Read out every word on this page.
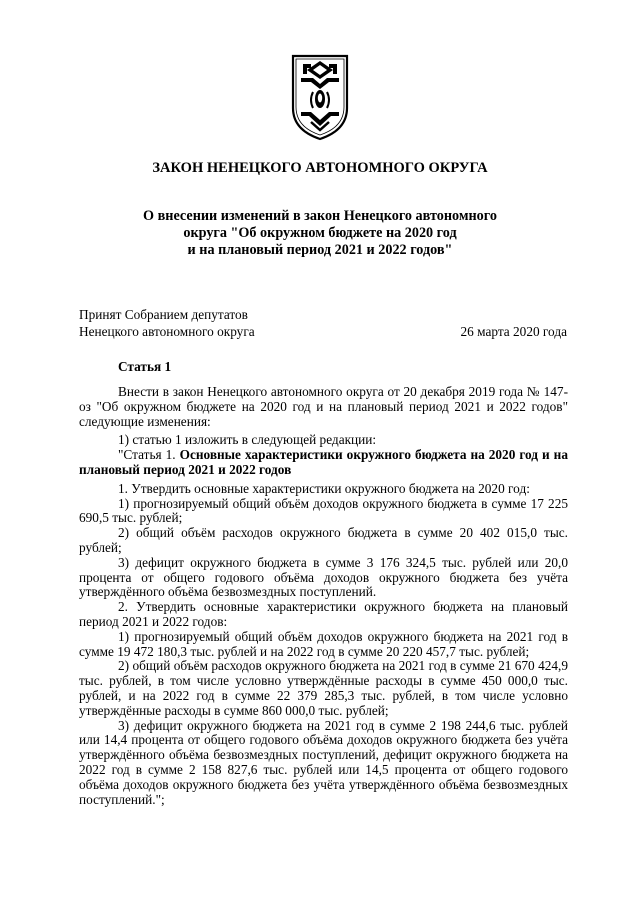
ЗАКОН НЕНЕЦКОГО АВТОНОМНОГО ОКРУГА
О внесении изменений в закон Ненецкого автономного
округа "Об окружном бюджете на 2020 год
и на плановый период 2021 и 2022 годов"
Принят Собранием депутатов
Ненецкого автономного округа	26 марта 2020 года
Статья 1

Внести в закон Ненецкого автономного округа от 20 декабря 2019 года № 147-оз "Об окружном бюджете на 2020 год и на плановый период 2021 и 2022 годов" следующие изменения:

1) статью 1 изложить в следующей редакции:

"Статья 1. Основные характеристики окружного бюджета на 2020 год и на плановый период 2021 и 2022 годов

1. Утвердить основные характеристики окружного бюджета на 2020 год:

1) прогнозируемый общий объём доходов окружного бюджета в сумме 17 225 690,5 тыс. рублей;

2) общий объём расходов окружного бюджета в сумме 20 402 015,0 тыс. рублей;

3) дефицит окружного бюджета в сумме 3 176 324,5 тыс. рублей или 20,0 процента от общего годового объёма доходов окружного бюджета без учёта утверждённого объёма безвозмездных поступлений.

2. Утвердить основные характеристики окружного бюджета на плановый период 2021 и 2022 годов:

1) прогнозируемый общий объём доходов окружного бюджета на 2021 год в сумме 19 472 180,3 тыс. рублей и на 2022 год в сумме 20 220 457,7 тыс. рублей;

2) общий объём расходов окружного бюджета на 2021 год в сумме 21 670 424,9 тыс. рублей, в том числе условно утверждённые расходы в сумме 450 000,0 тыс. рублей, и на 2022 год в сумме 22 379 285,3 тыс. рублей, в том числе условно утверждённые расходы в сумме 860 000,0 тыс. рублей;

3) дефицит окружного бюджета на 2021 год в сумме 2 198 244,6 тыс. рублей или 14,4 процента от общего годового объёма доходов окружного бюджета без учёта утверждённого объёма безвозмездных поступлений, дефицит окружного бюджета на 2022 год в сумме 2 158 827,6 тыс. рублей или 14,5 процента от общего годового объёма доходов окружного бюджета без учёта утверждённого объёма безвозмездных поступлений.";
